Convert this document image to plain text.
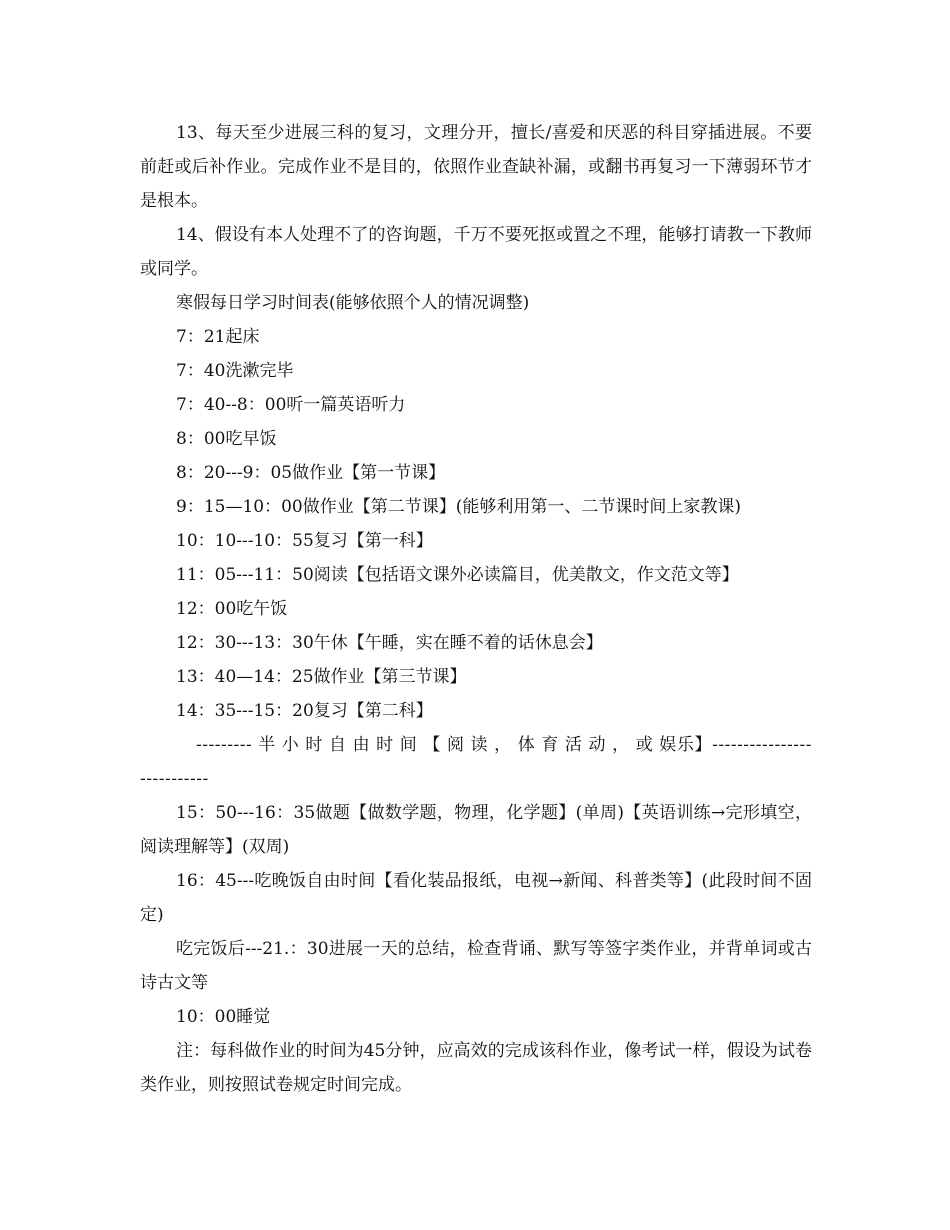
13、每天至少进展三科的复习，文理分开，擅长/喜爱和厌恶的科目穿插进展。不要前赶或后补作业。完成作业不是目的，依照作业查缺补漏，或翻书再复习一下薄弱环节才是根本。

14、假设有本人处理不了的咨询题，千万不要死抠或置之不理，能够打请教一下教师或同学。

寒假每日学习时间表(能够依照个人的情况调整)

7：21起床

7：40洗漱完毕

7：40--8：00听一篇英语听力

8：00吃早饭

8：20---9：05做作业【第一节课】

9：15—10：00做作业【第二节课】(能够利用第一、二节课时间上家教课)

10：10---10：55复习【第一科】

11：05---11：50阅读【包括语文课外必读篇目，优美散文，作文范文等】

12：00吃午饭

12：30---13：30午休【午睡，实在睡不着的话休息会】

13：40—14：25做作业【第三节课】

14：35---15：20复习【第二科】

--------- 半 小 时 自 由 时 间 【 阅 读 ， 体 育 活 动 ， 或 娱乐】---------------------------

15：50---16：35做题【做数学题，物理，化学题】(单周)【英语训练→完形填空，阅读理解等】(双周)

16：45---吃晚饭自由时间【看化装品报纸，电视→新闻、科普类等】(此段时间不固定)

吃完饭后---21.：30进展一天的总结，检查背诵、默写等签字类作业，并背单词或古诗古文等

10：00睡觉

注：每科做作业的时间为45分钟，应高效的完成该科作业，像考试一样，假设为试卷类作业，则按照试卷规定时间完成。
